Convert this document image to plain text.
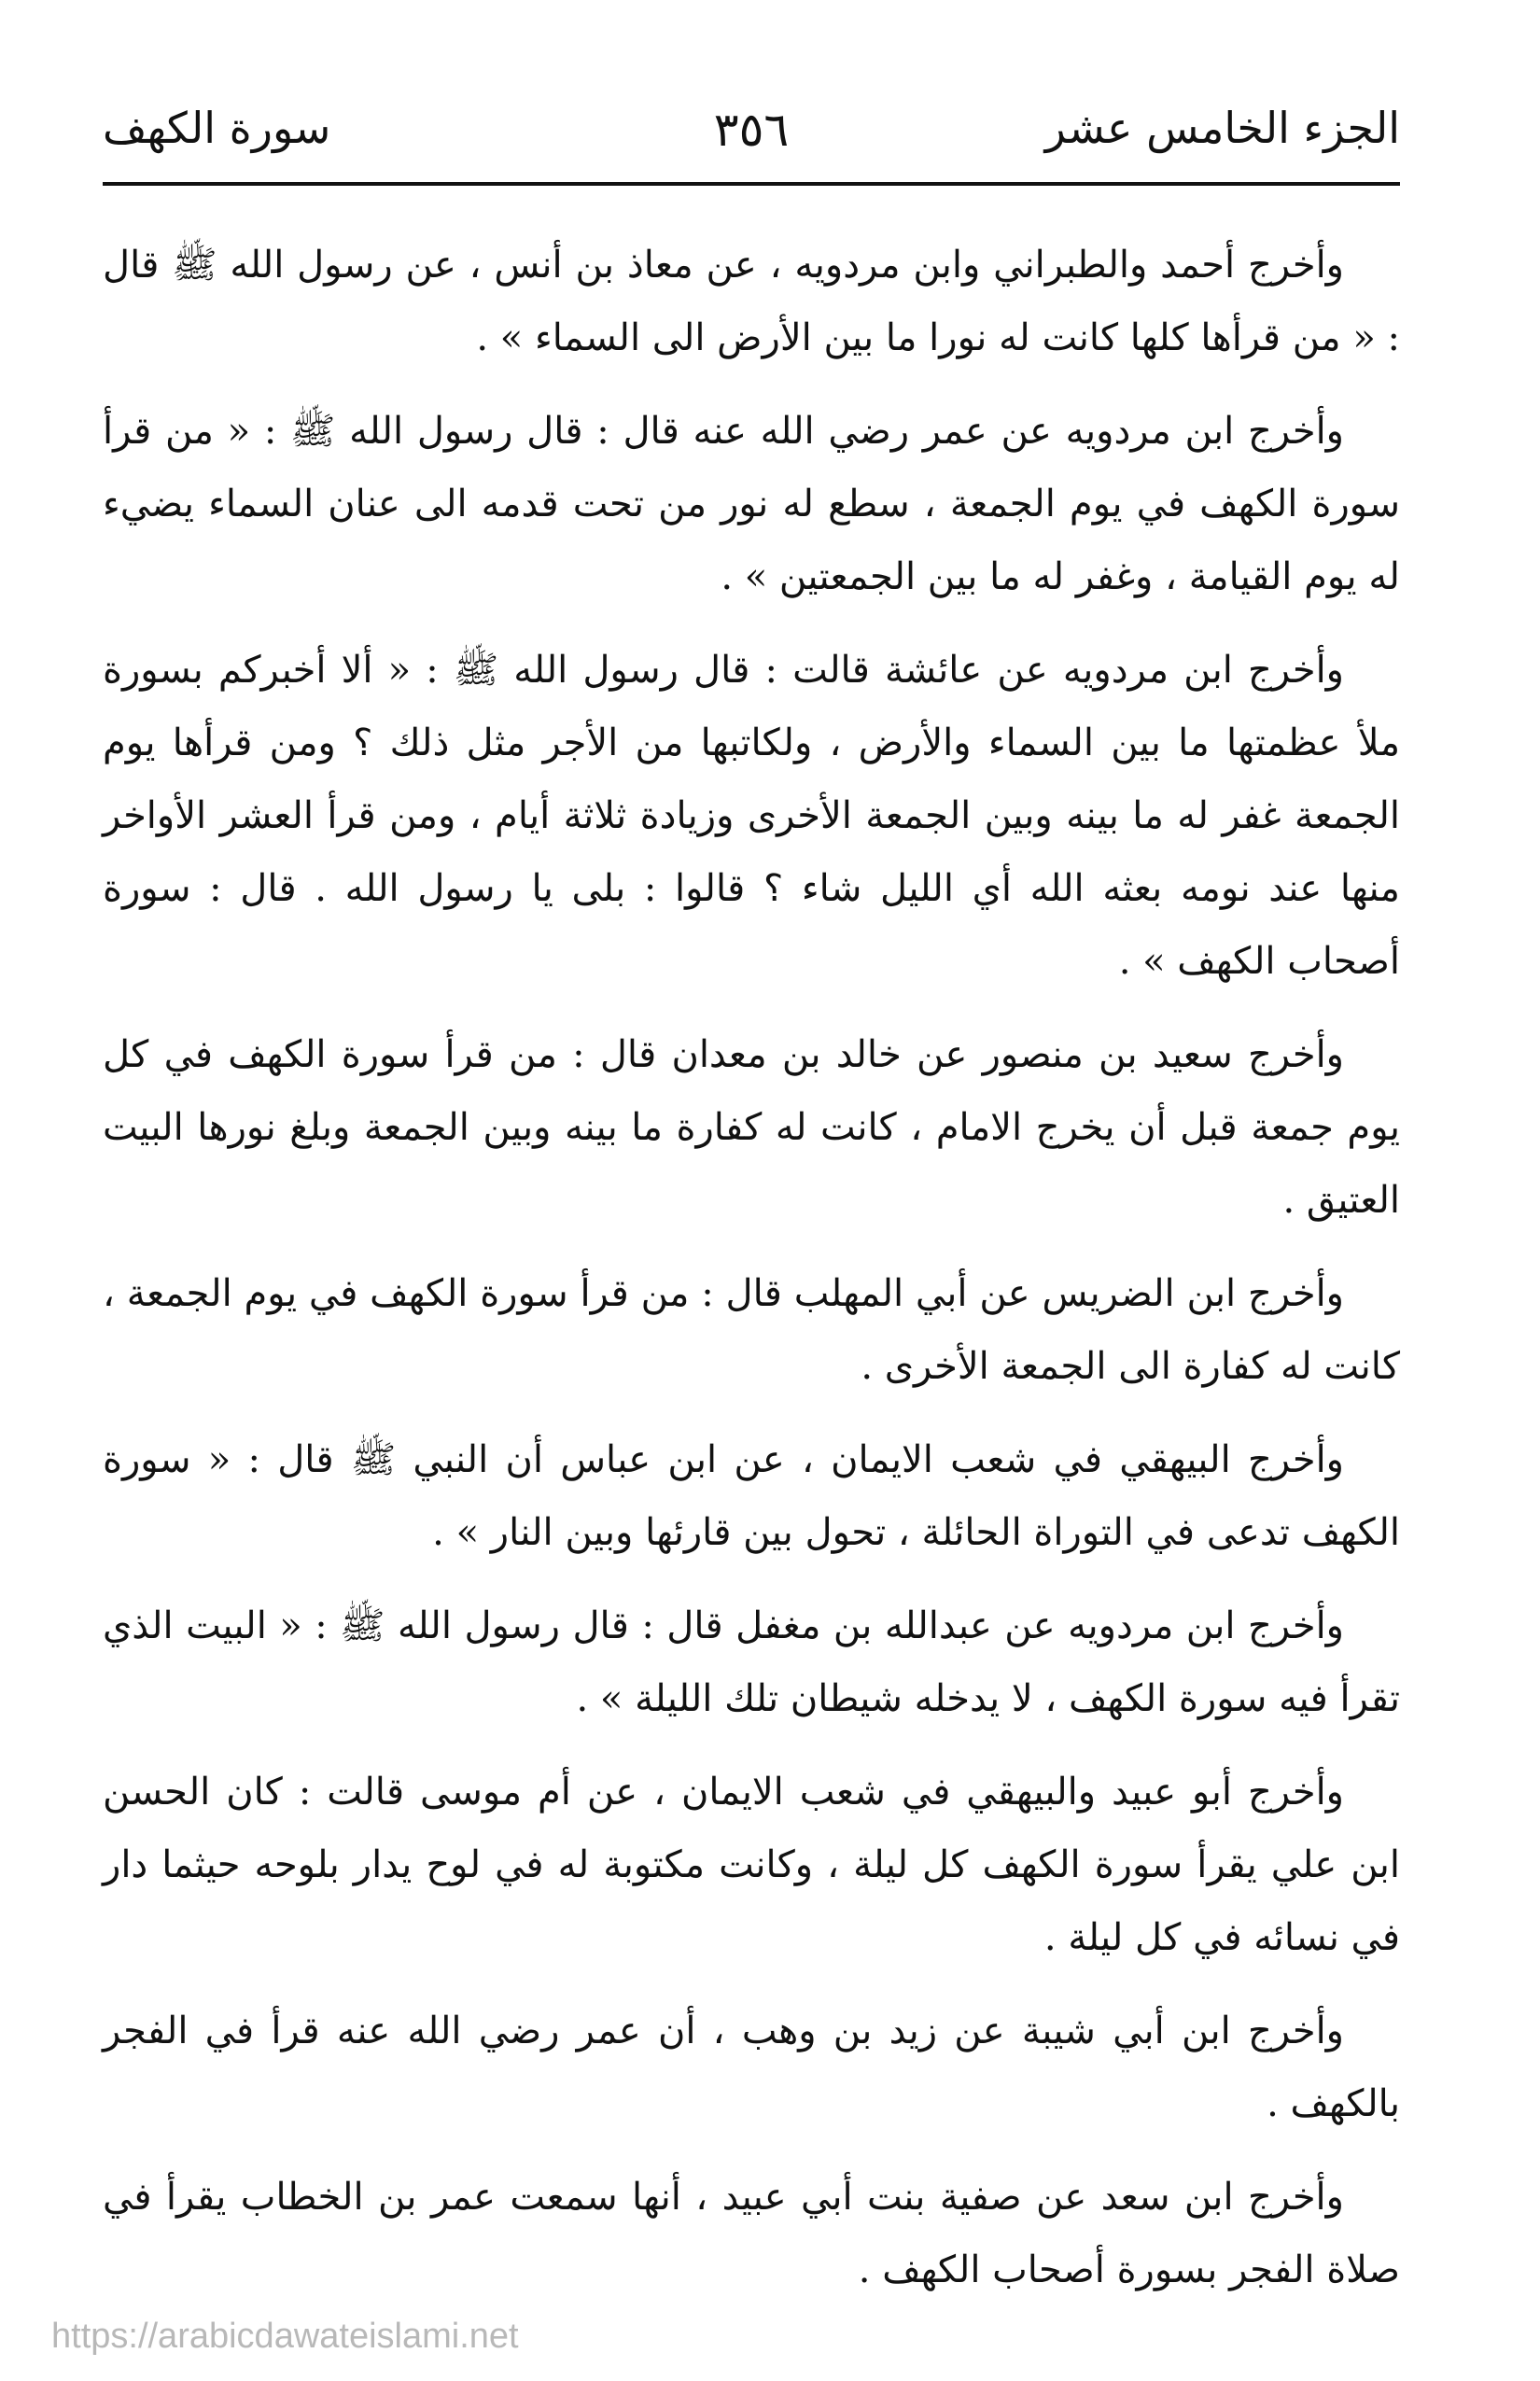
الجزء الخامس عشر
٣٥٦
سورة الكهف

وأخرج أحمد والطبراني وابن مردويه ، عن معاذ بن أنس ، عن رسول الله ﷺ قال : « من قرأها كلها كانت له نورا ما بين الأرض الى السماء » .

وأخرج ابن مردويه عن عمر رضي الله عنه قال : قال رسول الله ﷺ : « من قرأ سورة الكهف في يوم الجمعة ، سطع له نور من تحت قدمه الى عنان السماء يضيء له يوم القيامة ، وغفر له ما بين الجمعتين » .

وأخرج ابن مردويه عن عائشة قالت : قال رسول الله ﷺ : « ألا أخبركم بسورة ملأ عظمتها ما بين السماء والأرض ، ولكاتبها من الأجر مثل ذلك ؟ ومن قرأها يوم الجمعة غفر له ما بينه وبين الجمعة الأخرى وزيادة ثلاثة أيام ، ومن قرأ العشر الأواخر منها عند نومه بعثه الله أي الليل شاء ؟ قالوا : بلى يا رسول الله . قال : سورة أصحاب الكهف » .

وأخرج سعيد بن منصور عن خالد بن معدان قال : من قرأ سورة الكهف في كل يوم جمعة قبل أن يخرج الامام ، كانت له كفارة ما بينه وبين الجمعة وبلغ نورها البيت العتيق .

وأخرج ابن الضريس عن أبي المهلب قال : من قرأ سورة الكهف في يوم الجمعة ، كانت له كفارة الى الجمعة الأخرى .

وأخرج البيهقي في شعب الايمان ، عن ابن عباس أن النبي ﷺ قال : « سورة الكهف تدعى في التوراة الحائلة ، تحول بين قارئها وبين النار » .

وأخرج ابن مردويه عن عبدالله بن مغفل قال : قال رسول الله ﷺ : « البيت الذي تقرأ فيه سورة الكهف ، لا يدخله شيطان تلك الليلة » .

وأخرج أبو عبيد والبيهقي في شعب الايمان ، عن أم موسى قالت : كان الحسن ابن علي يقرأ سورة الكهف كل ليلة ، وكانت مكتوبة له في لوح يدار بلوحه حيثما دار في نسائه في كل ليلة .

وأخرج ابن أبي شيبة عن زيد بن وهب ، أن عمر رضي الله عنه قرأ في الفجر بالكهف .

وأخرج ابن سعد عن صفية بنت أبي عبيد ، أنها سمعت عمر بن الخطاب يقرأ في صلاة الفجر بسورة أصحاب الكهف .

https://arabicdawateislami.net
